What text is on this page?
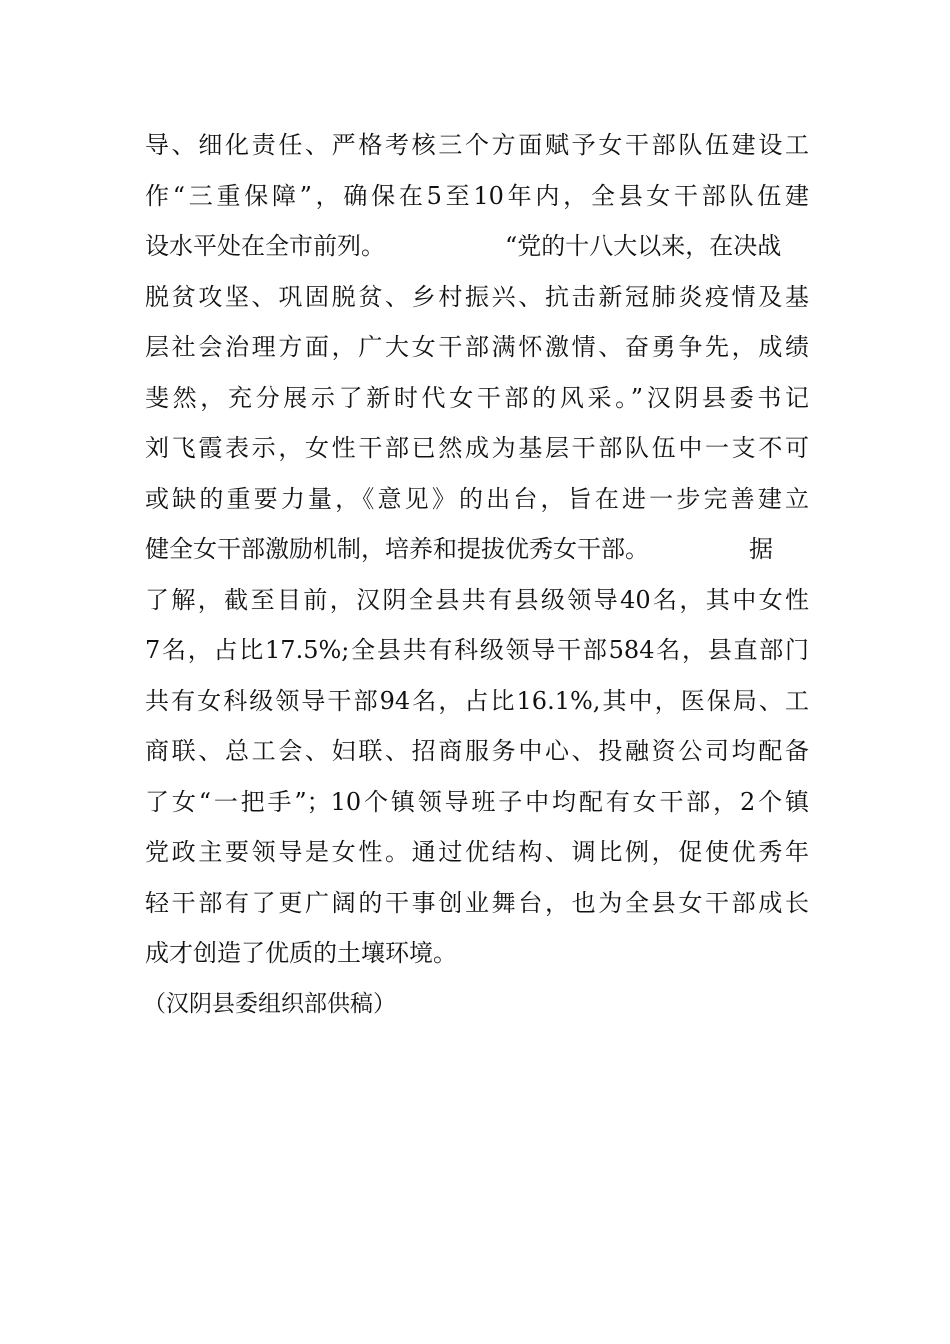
导、细化责任、严格考核三个方面赋予女干部队伍建设工
作“三重保障”，确保在5至10年内，全县女干部队伍建
设水平处在全市前列。	“党的十八大以来，在决战
脱贫攻坚、巩固脱贫、乡村振兴、抗击新冠肺炎疫情及基
层社会治理方面，广大女干部满怀激情、奋勇争先，成绩
斐然，充分展示了新时代女干部的风采。”汉阴县委书记
刘飞霞表示，女性干部已然成为基层干部队伍中一支不可
或缺的重要力量，《意见》的出台，旨在进一步完善建立
健全女干部激励机制，培养和提拔优秀女干部。	据
了解，截至目前，汉阴全县共有县级领导40名，其中女性
7名，占比17.5%;全县共有科级领导干部584名，县直部门
共有女科级领导干部94名，占比16.1%,其中，医保局、工
商联、总工会、妇联、招商服务中心、投融资公司均配备
了女“一把手”；10个镇领导班子中均配有女干部，2个镇
党政主要领导是女性。通过优结构、调比例，促使优秀年
轻干部有了更广阔的干事创业舞台，也为全县女干部成长
成才创造了优质的土壤环境。
（汉阴县委组织部供稿）
